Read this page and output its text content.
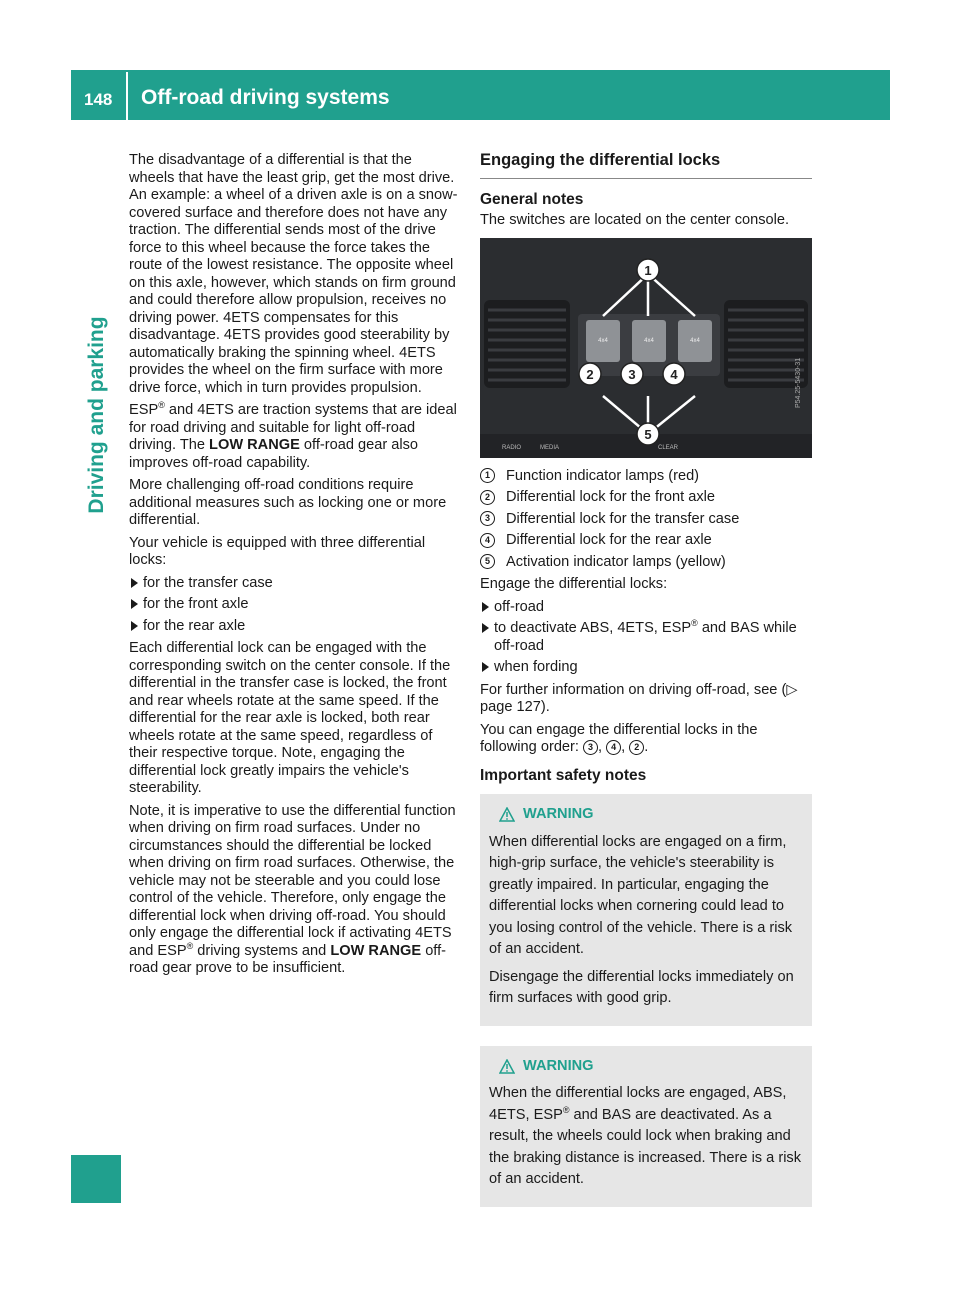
148 Off-road driving systems
Driving and parking

The disadvantage of a differential is that the wheels that have the least grip, get the most drive. An example: a wheel of a driven axle is on a snow-covered surface and therefore does not have any traction. The differential sends most of the drive force to this wheel because the force takes the route of the lowest resistance. The opposite wheel on this axle, however, which stands on firm ground and could therefore allow propulsion, receives no driving power. 4ETS compensates for this disadvantage. 4ETS provides good steerability by automatically braking the spinning wheel. 4ETS provides the wheel on the firm surface with more drive force, which in turn provides propulsion.

ESP® and 4ETS are traction systems that are ideal for road driving and suitable for light off-road driving. The LOW RANGE off-road gear also improves off-road capability.

More challenging off-road conditions require additional measures such as locking one or more differential.

Your vehicle is equipped with three differential locks:

for the transfer case
for the front axle
for the rear axle

Each differential lock can be engaged with the corresponding switch on the center console. If the differential in the transfer case is locked, the front and rear wheels rotate at the same speed. If the differential for the rear axle is locked, both rear wheels rotate at the same speed, regardless of their respective torque. Note, engaging the differential lock greatly impairs the vehicle's steerability.

Note, it is imperative to use the differential function when driving on firm road surfaces. Under no circumstances should the differential be locked when driving on firm road surfaces. Otherwise, the vehicle may not be steerable and you could lose control of the vehicle. Therefore, only engage the differential lock when driving off-road. You should only engage the differential lock if activating 4ETS and ESP® driving systems and LOW RANGE off-road gear prove to be insufficient.

Engaging the differential locks
General notes

The switches are located on the center console.

4x4	4x4	4x4
RADIO	MEDIA	CLEAR
1
2	3	4
5
P54.25-5430-31
1	Function indicator lamps (red)
2	Differential lock for the front axle
3	Differential lock for the transfer case
4	Differential lock for the rear axle
5	Activation indicator lamps (yellow)

Engage the differential locks:

off-road
to deactivate ABS, 4ETS, ESP® and BAS while off-road
when fording

For further information on driving off-road, see (▷ page 127).

You can engage the differential locks in the following order: 3 , 4 , 2 .

Important safety notes
WARNING

When differential locks are engaged on a firm, high-grip surface, the vehicle's steerability is greatly impaired. In particular, engaging the differential locks when cornering could lead to you losing control of the vehicle. There is a risk of an accident.

Disengage the differential locks immediately on firm surfaces with good grip.

WARNING

When the differential locks are engaged, ABS, 4ETS, ESP® and BAS are deactivated. As a result, the wheels could lock when braking and the braking distance is increased. There is a risk of an accident.
